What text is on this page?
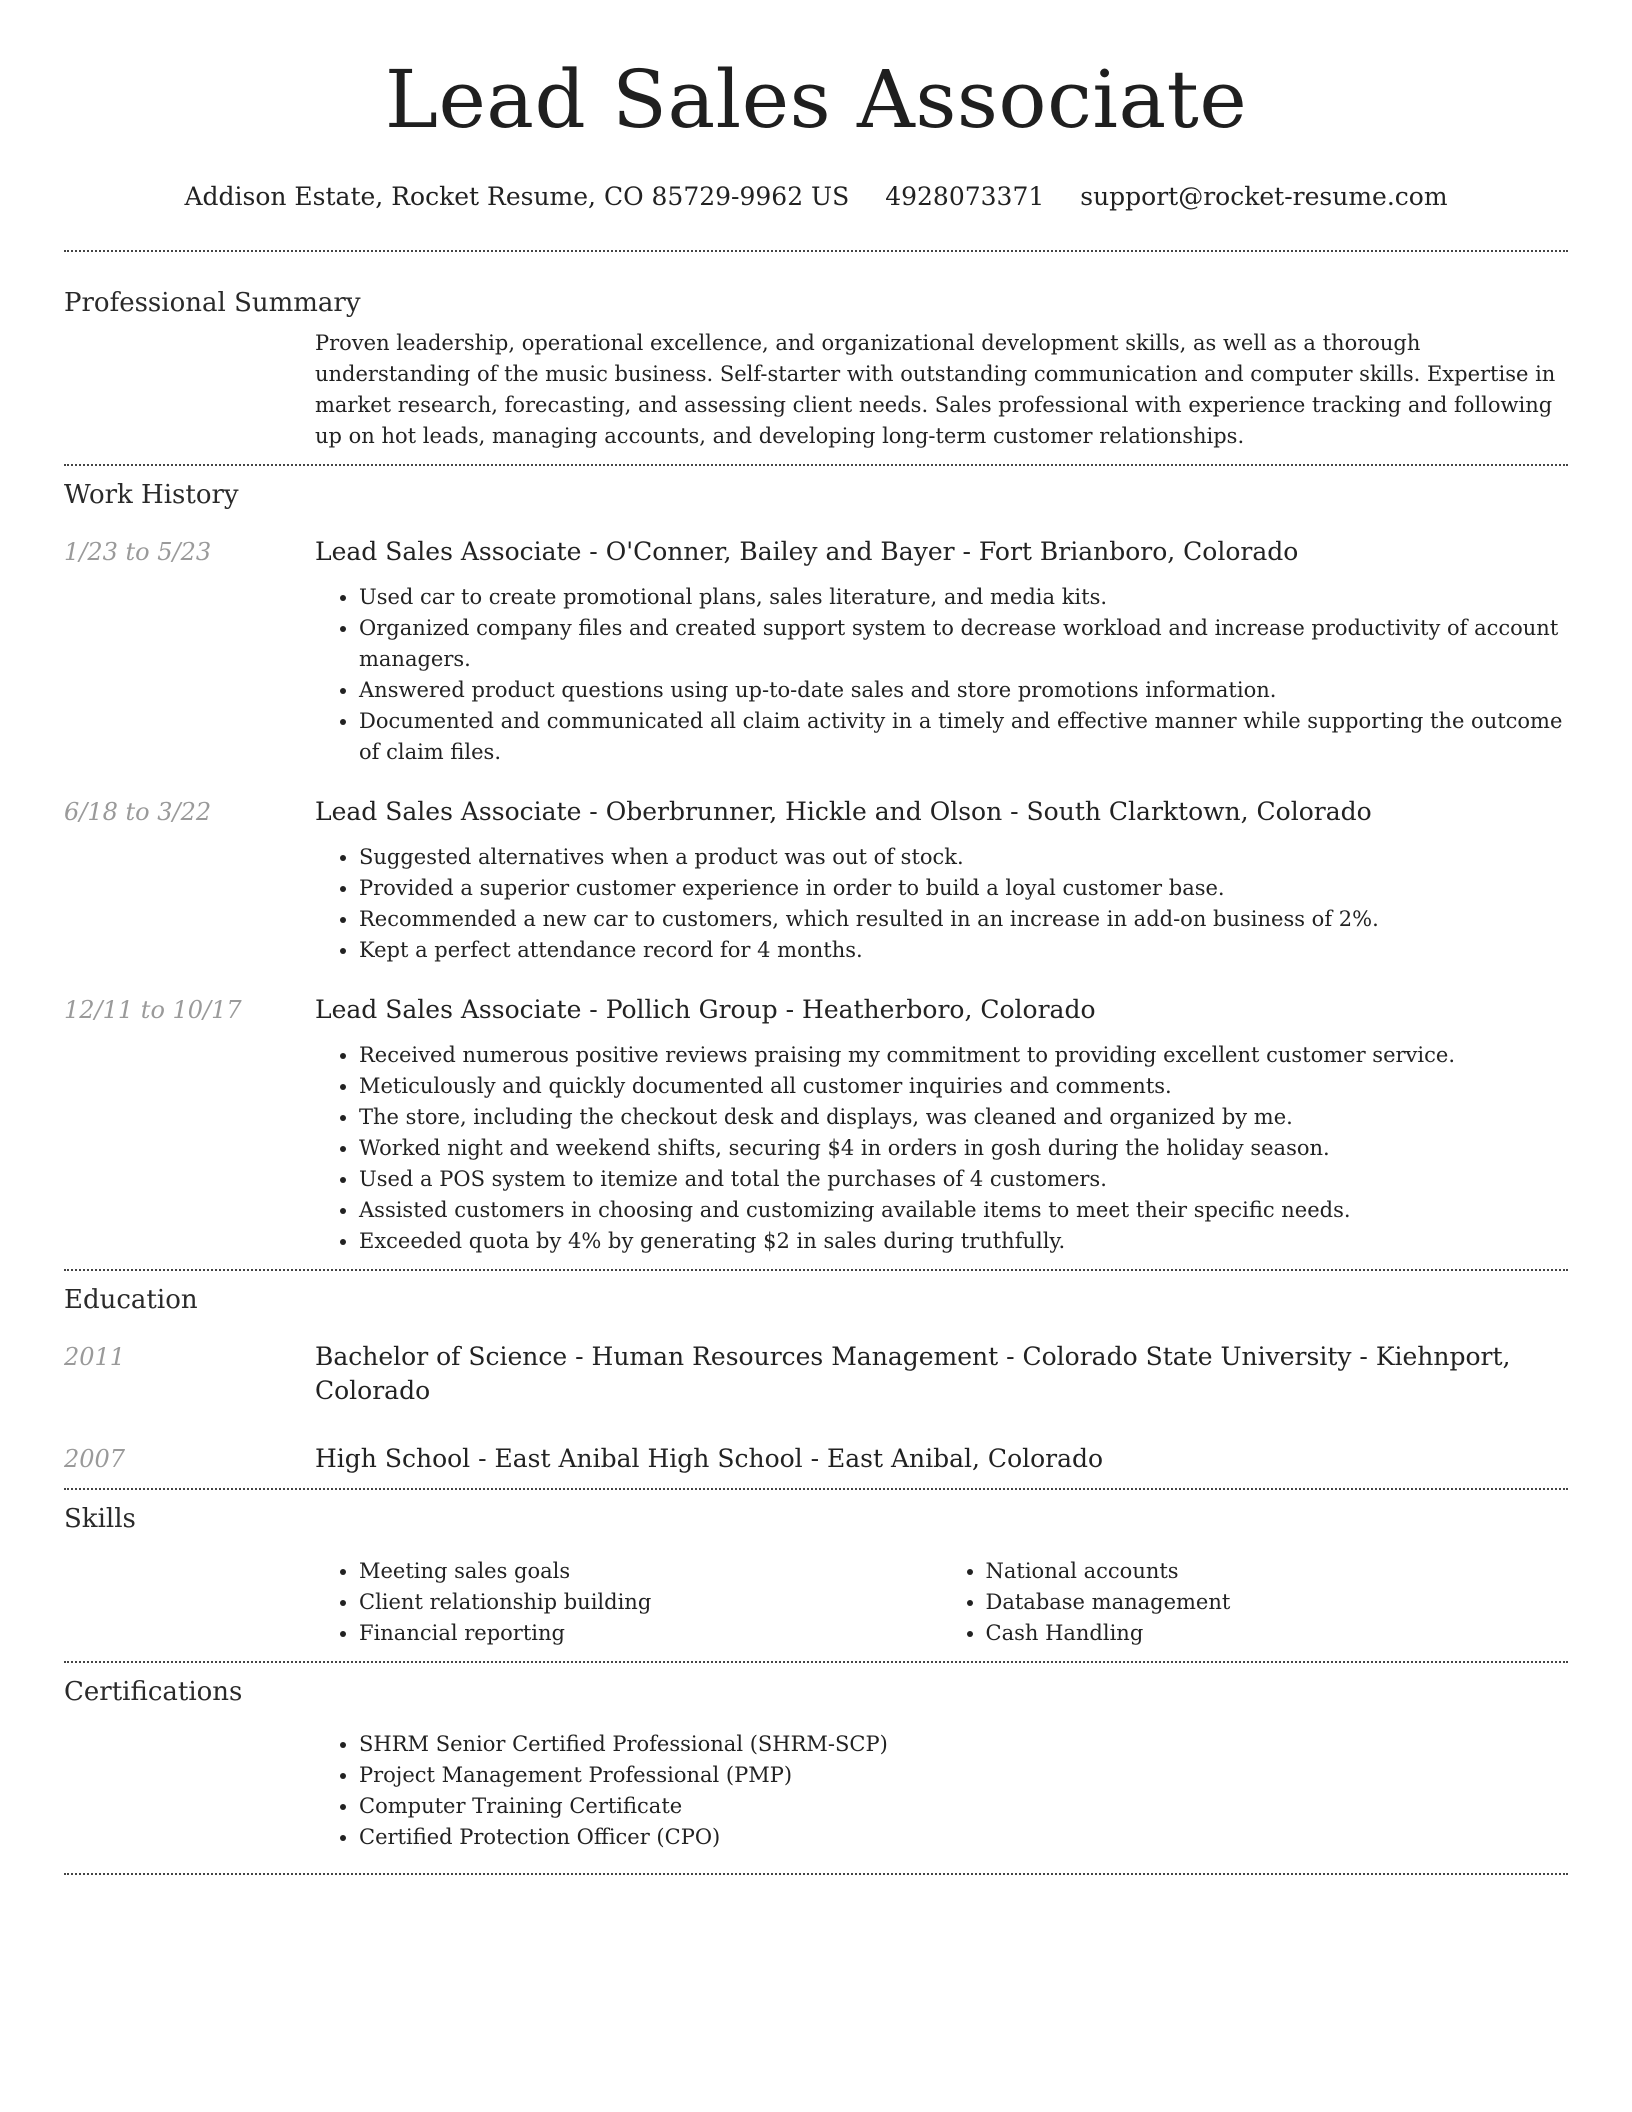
Lead Sales Associate
Addison Estate, Rocket Resume, CO 85729-9962 US 4928073371 support@rocket-resume.com
Professional Summary

Proven leadership, operational excellence, and organizational development skills, as well as a thorough understanding of the music business. Self-starter with outstanding communication and computer skills. Expertise in market research, forecasting, and assessing client needs. Sales professional with experience tracking and following up on hot leads, managing accounts, and developing long-term customer relationships.

Work History
1/23 to 5/23	Lead Sales Associate - O'Conner, Bailey and Bayer - Fort Brianboro, Colorado
• Used car to create promotional plans, sales literature, and media kits.
• Organized company files and created support system to decrease workload and increase productivity of account managers.
• Answered product questions using up-to-date sales and store promotions information.
• Documented and communicated all claim activity in a timely and effective manner while supporting the outcome of claim files.
6/18 to 3/22	Lead Sales Associate - Oberbrunner, Hickle and Olson - South Clarktown, Colorado
• Suggested alternatives when a product was out of stock.
• Provided a superior customer experience in order to build a loyal customer base.
• Recommended a new car to customers, which resulted in an increase in add-on business of 2%.
• Kept a perfect attendance record for 4 months.
12/11 to 10/17	Lead Sales Associate - Pollich Group - Heatherboro, Colorado
• Received numerous positive reviews praising my commitment to providing excellent customer service.
• Meticulously and quickly documented all customer inquiries and comments.
• The store, including the checkout desk and displays, was cleaned and organized by me.
• Worked night and weekend shifts, securing $4 in orders in gosh during the holiday season.
• Used a POS system to itemize and total the purchases of 4 customers.
• Assisted customers in choosing and customizing available items to meet their specific needs.
• Exceeded quota by 4% by generating $2 in sales during truthfully.
Education
2011	Bachelor of Science - Human Resources Management - Colorado State University - Kiehnport, Colorado
2007	High School - East Anibal High School - East Anibal, Colorado
Skills
• Meeting sales goals
• Client relationship building
• Financial reporting
• National accounts
• Database management
• Cash Handling
Certifications
• SHRM Senior Certified Professional (SHRM-SCP)
• Project Management Professional (PMP)
• Computer Training Certificate
• Certified Protection Officer (CPO)
